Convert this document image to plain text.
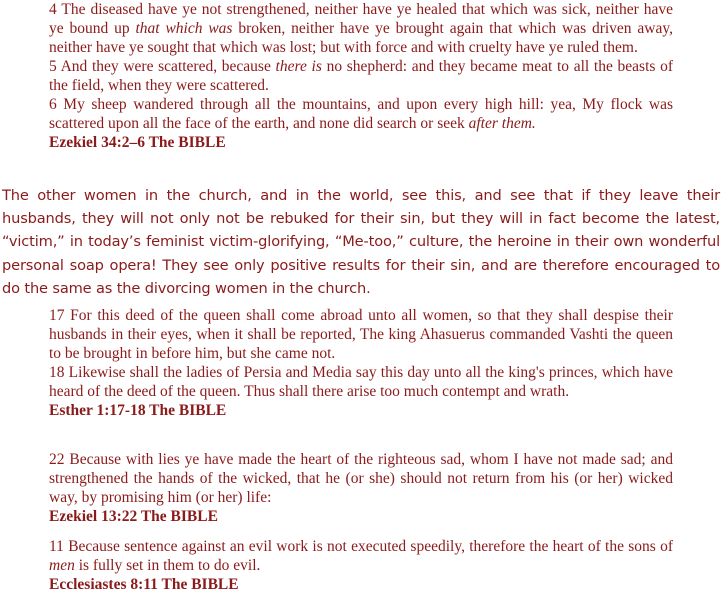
4 The diseased have ye not strengthened, neither have ye healed that which was sick, neither have ye bound up that which was broken, neither have ye brought again that which was driven away, neither have ye sought that which was lost; but with force and with cruelty have ye ruled them.

5 And they were scattered, because there is no shepherd: and they became meat to all the beasts of the field, when they were scattered.

6 My sheep wandered through all the mountains, and upon every high hill: yea, My flock was scattered upon all the face of the earth, and none did search or seek after them.

Ezekiel 34:2–6 The BIBLE

The other women in the church, and in the world, see this, and see that if they leave their husbands, they will not only not be rebuked for their sin, but they will in fact become the latest, “victim,” in today’s feminist victim-glorifying, “Me-too,” culture, the heroine in their own wonderful personal soap opera! They see only positive results for their sin, and are therefore encouraged to do the same as the divorcing women in the church.

17 For this deed of the queen shall come abroad unto all women, so that they shall despise their husbands in their eyes, when it shall be reported, The king Ahasuerus commanded Vashti the queen to be brought in before him, but she came not.

18 Likewise shall the ladies of Persia and Media say this day unto all the king's princes, which have heard of the deed of the queen. Thus shall there arise too much contempt and wrath.

Esther 1:17-18 The BIBLE

22 Because with lies ye have made the heart of the righteous sad, whom I have not made sad; and strengthened the hands of the wicked, that he (or she) should not return from his (or her) wicked way, by promising him (or her) life:

Ezekiel 13:22 The BIBLE

11 Because sentence against an evil work is not executed speedily, therefore the heart of the sons of men is fully set in them to do evil.

Ecclesiastes 8:11 The BIBLE
